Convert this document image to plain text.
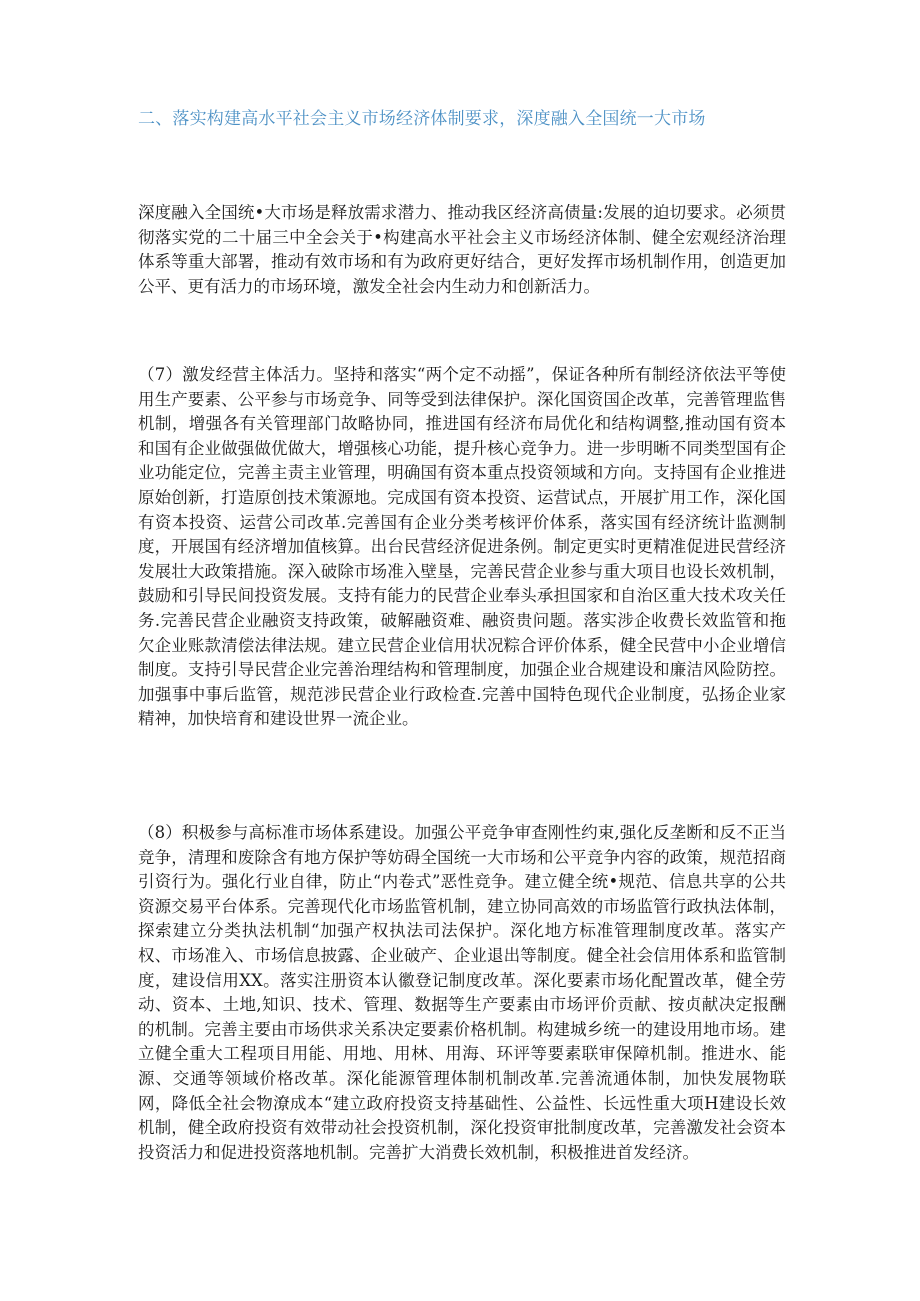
二、落实构建高水平社会主义市场经济体制要求，深度融入全国统一大市场

深度融入全国统•大市场是释放需求潜力、推动我区经济高债量:发展的迫切要求。必须贯彻落实党的二十届三中全会关于•构建高水平社会主义市场经济体制、健全宏观经济治理体系等重大部署，推动有效市场和有为政府更好结合，更好发挥市场机制作用，创造更加公平、更有活力的市场环境，激发全社会内生动力和创新活力。

（7）激发经营主体活力。坚持和落实“两个定不动摇”，保证各种所有制经济依法平等使用生产要素、公平参与市场竞争、同等受到法律保护。深化国资国企改革，完善管理监售机制，增强各有关管理部门故略协同，推进国有经济布局优化和结构调整,推动国有资本和国有企业做强做优做大，增强核心功能，提升核心竞争力。进一步明晰不同类型国有企业功能定位，完善主责主业管理，明确国有资本重点投资领域和方向。支持国有企业推进原始创新，打造原创技术策源地。完成国有资本投资、运营试点，开展扩用工作，深化国有资本投资、运营公司改革.完善国有企业分类考核评价体系，落实国有经济统计监测制度，开展国有经济增加值核算。出台民营经济促进条例。制定更实时更精准促进民营经济发展壮大政策措施。深入破除市场准入壁垦，完善民营企业参与重大项目也设长效机制，鼓励和引导民间投资发展。支持有能力的民营企业奉头承担国家和自治区重大技术攻关任务.完善民营企业融资支持政策，破解融资难、融资贵问题。落实涉企收费长效监管和拖欠企业账款清偿法律法规。建立民营企业信用状况粽合评价体系，健全民营中小企业增信制度。支持引导民营企业完善治理结构和管理制度，加强企业合规建设和廉洁风险防控。加强事中事后监管，规范涉民营企业行政检查.完善中国特色现代企业制度，弘扬企业家精神，加快培育和建设世界一流企业。

（8）积极参与高标准市场体系建设。加强公平竞争审查刚性约束,强化反垄断和反不正当竞争，清理和废除含有地方保护等妨碍全国统一大市场和公平竞争内容的政策，规范招商引资行为。强化行业自律，防止“内卷式”恶性竞争。建立健全统•规范、信息共享的公共资源交易平台体系。完善现代化市场监管机制，建立协同高效的市场监管行政执法体制，探索建立分类执法机制“加强产权执法司法保护。深化地方标准管理制度改革。落实产权、市场准入、市场信息披露、企业破产、企业退出等制度。健全社会信用体系和监管制度，建设信用XX。落实注册资本认徽登记制度改革。深化要素市场化配置改革，健全劳动、资本、土地,知识、技术、管理、数据等生产要素由市场评价贡献、按贞献决定报酬的机制。完善主要由市场供求关系决定要素价格机制。构建城乡统一的建设用地市场。建立健全重大工程项目用能、用地、用林、用海、环评等要素联审保障机制。推进水、能源、交通等领域价格改革。深化能源管理体制机制改革.完善流通体制，加快发展物联网，降低全社会物潦成本“建立政府投资支持基础性、公益性、长远性重大项H建设长效机制，健全政府投资有效带动社会投资机制，深化投资审批制度改革，完善激发社会资本投资活力和促进投资落地机制。完善扩大消费长效机制，积极推进首发经济。
